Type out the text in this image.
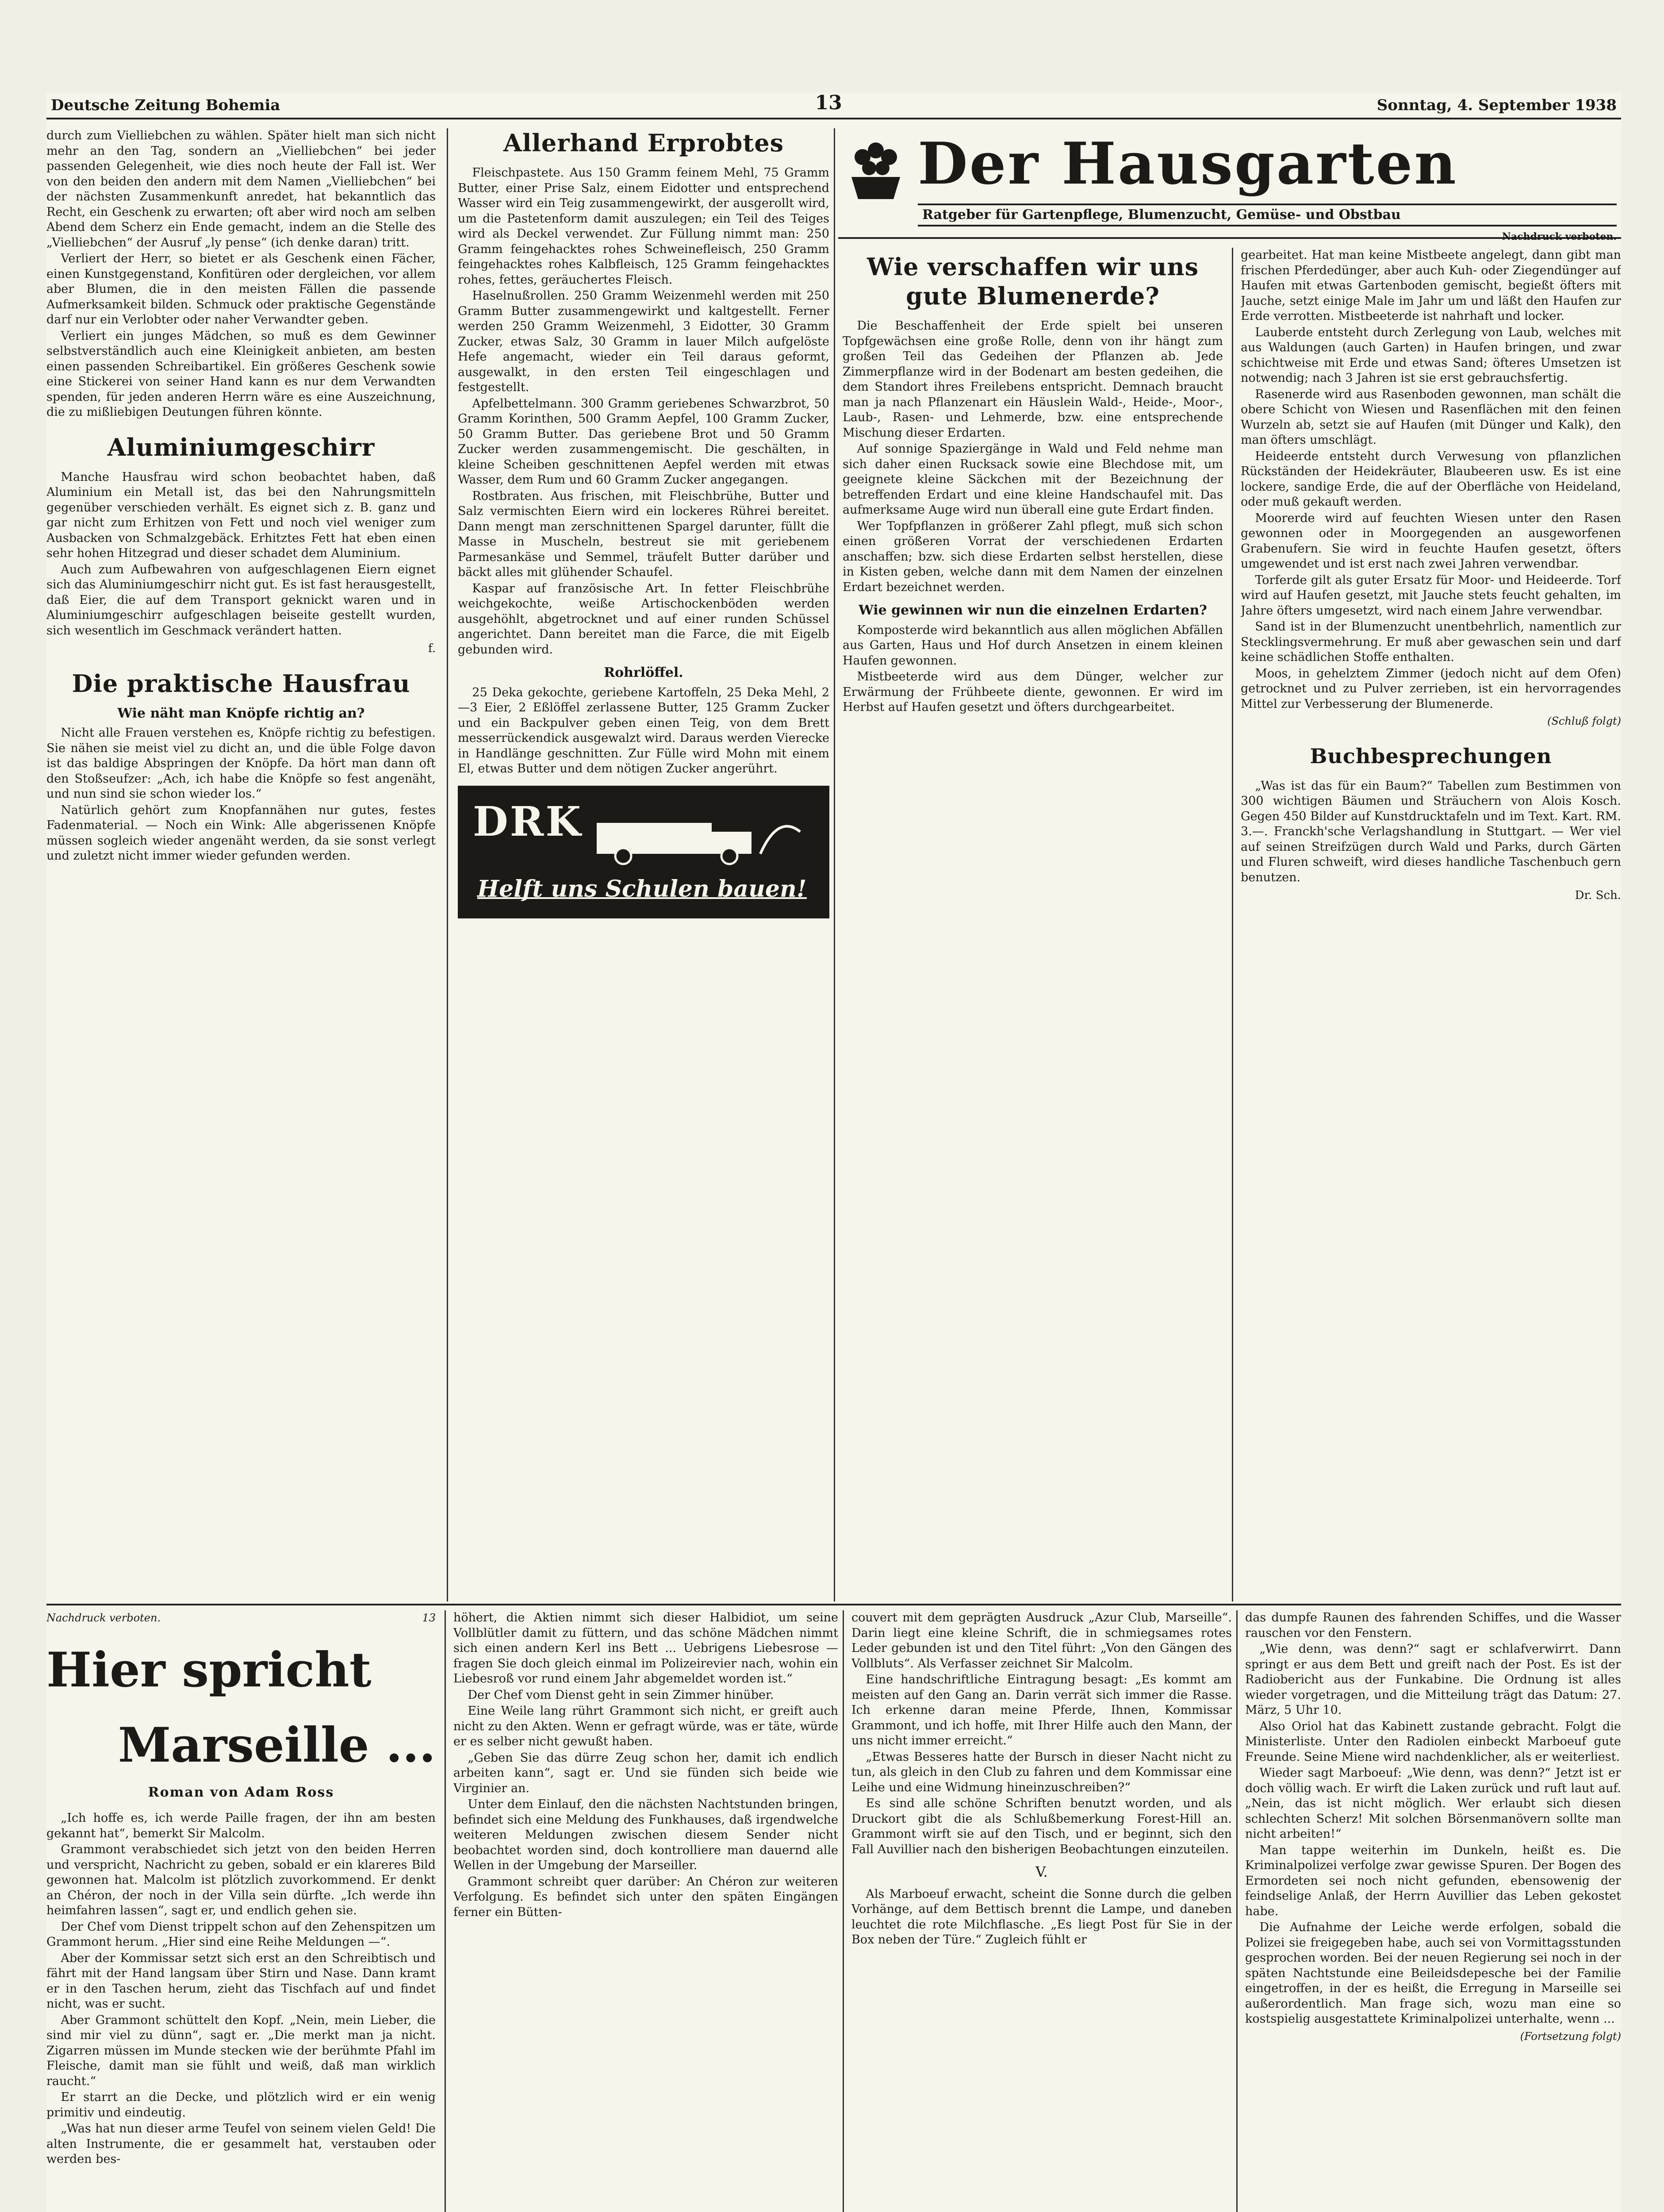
Deutsche Zeitung Bohemia	13	Sonntag, 4. September 1938

durch zum Vielliebchen zu wählen. Später hielt man sich nicht mehr an den Tag, sondern an „Vielliebchen“ bei jeder passenden Gelegenheit, wie dies noch heute der Fall ist. Wer von den beiden den andern mit dem Namen „Vielliebchen“ bei der nächsten Zusammenkunft anredet, hat bekanntlich das Recht, ein Geschenk zu erwarten; oft aber wird noch am selben Abend dem Scherz ein Ende gemacht, indem an die Stelle des „Vielliebchen“ der Ausruf „ly pense“ (ich denke daran) tritt.

Verliert der Herr, so bietet er als Geschenk einen Fächer, einen Kunstgegenstand, Konfitüren oder dergleichen, vor allem aber Blumen, die in den meisten Fällen die passende Aufmerksamkeit bilden. Schmuck oder praktische Gegenstände darf nur ein Verlobter oder naher Verwandter geben.

Verliert ein junges Mädchen, so muß es dem Gewinner selbstverständlich auch eine Kleinigkeit anbieten, am besten einen passenden Schreibartikel. Ein größeres Geschenk sowie eine Stickerei von seiner Hand kann es nur dem Verwandten spenden, für jeden anderen Herrn wäre es eine Auszeichnung, die zu mißliebigen Deutungen führen könnte.

Aluminiumgeschirr

Manche Hausfrau wird schon beobachtet haben, daß Aluminium ein Metall ist, das bei den Nahrungsmitteln gegenüber verschieden verhält. Es eignet sich z. B. ganz und gar nicht zum Erhitzen von Fett und noch viel weniger zum Ausbacken von Schmalzgebäck. Erhitztes Fett hat eben einen sehr hohen Hitzegrad und dieser schadet dem Aluminium.

Auch zum Aufbewahren von aufgeschlagenen Eiern eignet sich das Aluminiumgeschirr nicht gut. Es ist fast herausgestellt, daß Eier, die auf dem Transport geknickt waren und in Aluminiumgeschirr aufgeschlagen beiseite gestellt wurden, sich wesentlich im Geschmack verändert hatten.

f.
Die praktische Hausfrau
Wie näht man Knöpfe richtig an?

Nicht alle Frauen verstehen es, Knöpfe richtig zu befestigen. Sie nähen sie meist viel zu dicht an, und die üble Folge davon ist das baldige Abspringen der Knöpfe. Da hört man dann oft den Stoßseufzer: „Ach, ich habe die Knöpfe so fest angenäht, und nun sind sie schon wieder los.“

Natürlich gehört zum Knopfannähen nur gutes, festes Fadenmaterial. — Noch ein Wink: Alle abgerissenen Knöpfe müssen sogleich wieder angenäht werden, da sie sonst verlegt und zuletzt nicht immer wieder gefunden werden.

Allerhand Erprobtes

Fleischpastete. Aus 150 Gramm feinem Mehl, 75 Gramm Butter, einer Prise Salz, einem Eidotter und entsprechend Wasser wird ein Teig zusammengewirkt, der ausgerollt wird, um die Pastetenform damit auszulegen; ein Teil des Teiges wird als Deckel verwendet. Zur Füllung nimmt man: 250 Gramm feingehacktes rohes Schweinefleisch, 250 Gramm feingehacktes rohes Kalbfleisch, 125 Gramm feingehacktes rohes, fettes, geräuchertes Fleisch.

Haselnußrollen. 250 Gramm Weizenmehl werden mit 250 Gramm Butter zusammengewirkt und kaltgestellt. Ferner werden 250 Gramm Weizenmehl, 3 Eidotter, 30 Gramm Zucker, etwas Salz, 30 Gramm in lauer Milch aufgelöste Hefe angemacht, wieder ein Teil daraus geformt, ausgewalkt, in den ersten Teil eingeschlagen und festgestellt.

Apfelbettelmann. 300 Gramm geriebenes Schwarzbrot, 50 Gramm Korinthen, 500 Gramm Aepfel, 100 Gramm Zucker, 50 Gramm Butter. Das geriebene Brot und 50 Gramm Zucker werden zusammengemischt. Die geschälten, in kleine Scheiben geschnittenen Aepfel werden mit etwas Wasser, dem Rum und 60 Gramm Zucker angegangen.

Rostbraten. Aus frischen, mit Fleischbrühe, Butter und Salz vermischten Eiern wird ein lockeres Rührei bereitet. Dann mengt man zerschnittenen Spargel darunter, füllt die Masse in Muscheln, bestreut sie mit geriebenem Parmesankäse und Semmel, träufelt Butter darüber und bäckt alles mit glühender Schaufel.

Kaspar auf französische Art. In fetter Fleischbrühe weichgekochte, weiße Artischockenböden werden ausgehöhlt, abgetrocknet und auf einer runden Schüssel angerichtet. Dann bereitet man die Farce, die mit Eigelb gebunden wird.

Rohrlöffel.

25 Deka gekochte, geriebene Kartoffeln, 25 Deka Mehl, 2—3 Eier, 2 Eßlöffel zerlassene Butter, 125 Gramm Zucker und ein Backpulver geben einen Teig, von dem Brett messerrückendick ausgewalzt wird. Daraus werden Vierecke in Handlänge geschnitten. Zur Fülle wird Mohn mit einem El, etwas Butter und dem nötigen Zucker angerührt.

DRK
Helft uns Schulen bauen!
Der Hausgarten
Ratgeber für Gartenpflege, Blumenzucht, Gemüse- und Obstbau
Nachdruck verboten.
Wie verschaffen wir uns gute Blumenerde?

Die Beschaffenheit der Erde spielt bei unseren Topfgewächsen eine große Rolle, denn von ihr hängt zum großen Teil das Gedeihen der Pflanzen ab. Jede Zimmerpflanze wird in der Bodenart am besten gedeihen, die dem Standort ihres Freilebens entspricht. Demnach braucht man ja nach Pflanzenart ein Häuslein Wald-, Heide-, Moor-, Laub-, Rasen- und Lehmerde, bzw. eine entsprechende Mischung dieser Erdarten.

Auf sonnige Spaziergänge in Wald und Feld nehme man sich daher einen Rucksack sowie eine Blechdose mit, um geeignete kleine Säckchen mit der Bezeichnung der betreffenden Erdart und eine kleine Handschaufel mit. Das aufmerksame Auge wird nun überall eine gute Erdart finden.

Wer Topfpflanzen in größerer Zahl pflegt, muß sich schon einen größeren Vorrat der verschiedenen Erdarten anschaffen; bzw. sich diese Erdarten selbst herstellen, diese in Kisten geben, welche dann mit dem Namen der einzelnen Erdart bezeichnet werden.

Wie gewinnen wir nun die einzelnen Erdarten?

Komposterde wird bekanntlich aus allen möglichen Abfällen aus Garten, Haus und Hof durch Ansetzen in einem kleinen Haufen gewonnen.

Mistbeeterde wird aus dem Dünger, welcher zur Erwärmung der Frühbeete diente, gewonnen. Er wird im Herbst auf Haufen gesetzt und öfters durchgearbeitet.

gearbeitet. Hat man keine Mistbeete angelegt, dann gibt man frischen Pferdedünger, aber auch Kuh- oder Ziegendünger auf Haufen mit etwas Gartenboden gemischt, begießt öfters mit Jauche, setzt einige Male im Jahr um und läßt den Haufen zur Erde verrotten. Mistbeeterde ist nahrhaft und locker.

Lauberde entsteht durch Zerlegung von Laub, welches mit aus Waldungen (auch Garten) in Haufen bringen, und zwar schichtweise mit Erde und etwas Sand; öfteres Umsetzen ist notwendig; nach 3 Jahren ist sie erst gebrauchsfertig.

Rasenerde wird aus Rasenboden gewonnen, man schält die obere Schicht von Wiesen und Rasenflächen mit den feinen Wurzeln ab, setzt sie auf Haufen (mit Dünger und Kalk), den man öfters umschlägt.

Heideerde entsteht durch Verwesung von pflanzlichen Rückständen der Heidekräuter, Blaubeeren usw. Es ist eine lockere, sandige Erde, die auf der Oberfläche von Heideland, oder muß gekauft werden.

Moorerde wird auf feuchten Wiesen unter den Rasen gewonnen oder in Moorgegenden an ausgeworfenen Grabenufern. Sie wird in feuchte Haufen gesetzt, öfters umgewendet und ist erst nach zwei Jahren verwendbar.

Torferde gilt als guter Ersatz für Moor- und Heideerde. Torf wird auf Haufen gesetzt, mit Jauche stets feucht gehalten, im Jahre öfters umgesetzt, wird nach einem Jahre verwendbar.

Sand ist in der Blumenzucht unentbehrlich, namentlich zur Stecklingsvermehrung. Er muß aber gewaschen sein und darf keine schädlichen Stoffe enthalten.

Moos, in gehelztem Zimmer (jedoch nicht auf dem Ofen) getrocknet und zu Pulver zerrieben, ist ein hervorragendes Mittel zur Verbesserung der Blumenerde.

(Schluß folgt)
Buchbesprechungen

„Was ist das für ein Baum?“ Tabellen zum Bestimmen von 300 wichtigen Bäumen und Sträuchern von Alois Kosch. Gegen 450 Bilder auf Kunstdrucktafeln und im Text. Kart. RM. 3.—. Franckh'sche Verlagshandlung in Stuttgart. — Wer viel auf seinen Streifzügen durch Wald und Parks, durch Gärten und Fluren schweift, wird dieses handliche Taschenbuch gern benutzen.

Dr. Sch.
Nachdruck verboten.	13
Hier spricht
Marseille ...
Roman von Adam Ross

„Ich hoffe es, ich werde Paille fragen, der ihn am besten gekannt hat“, bemerkt Sir Malcolm.

Grammont verabschiedet sich jetzt von den beiden Herren und verspricht, Nachricht zu geben, sobald er ein klareres Bild gewonnen hat. Malcolm ist plötzlich zuvorkommend. Er denkt an Chéron, der noch in der Villa sein dürfte. „Ich werde ihn heimfahren lassen“, sagt er, und endlich gehen sie.

Der Chef vom Dienst trippelt schon auf den Zehenspitzen um Grammont herum. „Hier sind eine Reihe Meldungen —“.

Aber der Kommissar setzt sich erst an den Schreibtisch und fährt mit der Hand langsam über Stirn und Nase. Dann kramt er in den Taschen herum, zieht das Tischfach auf und findet nicht, was er sucht.

Aber Grammont schüttelt den Kopf. „Nein, mein Lieber, die sind mir viel zu dünn“, sagt er. „Die merkt man ja nicht. Zigarren müssen im Munde stecken wie der berühmte Pfahl im Fleische, damit man sie fühlt und weiß, daß man wirklich raucht.“

Er starrt an die Decke, und plötzlich wird er ein wenig primitiv und eindeutig.

„Was hat nun dieser arme Teufel von seinem vielen Geld! Die alten Instrumente, die er gesammelt hat, verstauben oder werden bes-

höhert, die Aktien nimmt sich dieser Halbidiot, um seine Vollblütler damit zu füttern, und das schöne Mädchen nimmt sich einen andern Kerl ins Bett ... Uebrigens Liebesrose — fragen Sie doch gleich einmal im Polizeirevier nach, wohin ein Liebesroß vor rund einem Jahr abgemeldet worden ist.“

Der Chef vom Dienst geht in sein Zimmer hinüber.

Eine Weile lang rührt Grammont sich nicht, er greift auch nicht zu den Akten. Wenn er gefragt würde, was er täte, würde er es selber nicht gewußt haben.

„Geben Sie das dürre Zeug schon her, damit ich endlich arbeiten kann“, sagt er. Und sie fünden sich beide wie Virginier an.

Unter dem Einlauf, den die nächsten Nachtstunden bringen, befindet sich eine Meldung des Funkhauses, daß irgendwelche weiteren Meldungen zwischen diesem Sender nicht beobachtet worden sind, doch kontrolliere man dauernd alle Wellen in der Umgebung der Marseiller.

Grammont schreibt quer darüber: An Chéron zur weiteren Verfolgung. Es befindet sich unter den späten Eingängen ferner ein Bütten-

couvert mit dem geprägten Ausdruck „Azur Club, Marseille“. Darin liegt eine kleine Schrift, die in schmiegsames rotes Leder gebunden ist und den Titel führt: „Von den Gängen des Vollbluts“. Als Verfasser zeichnet Sir Malcolm.

Eine handschriftliche Eintragung besagt: „Es kommt am meisten auf den Gang an. Darin verrät sich immer die Rasse. Ich erkenne daran meine Pferde, Ihnen, Kommissar Grammont, und ich hoffe, mit Ihrer Hilfe auch den Mann, der uns nicht immer erreicht.“

„Etwas Besseres hatte der Bursch in dieser Nacht nicht zu tun, als gleich in den Club zu fahren und dem Kommissar eine Leihe und eine Widmung hineinzuschreiben?“

Es sind alle schöne Schriften benutzt worden, und als Druckort gibt die als Schlußbemerkung Forest-Hill an. Grammont wirft sie auf den Tisch, und er beginnt, sich den Fall Auvillier nach den bisherigen Beobachtungen einzuteilen.

V.

Als Marboeuf erwacht, scheint die Sonne durch die gelben Vorhänge, auf dem Bettisch brennt die Lampe, und daneben leuchtet die rote Milchflasche. „Es liegt Post für Sie in der Box neben der Türe.“ Zugleich fühlt er

das dumpfe Raunen des fahrenden Schiffes, und die Wasser rauschen vor den Fenstern.

„Wie denn, was denn?“ sagt er schlafverwirrt. Dann springt er aus dem Bett und greift nach der Post. Es ist der Radiobericht aus der Funkabine. Die Ordnung ist alles wieder vorgetragen, und die Mitteilung trägt das Datum: 27. März, 5 Uhr 10.

Also Oriol hat das Kabinett zustande gebracht. Folgt die Ministerliste. Unter den Radiolen einbeckt Marboeuf gute Freunde. Seine Miene wird nachdenklicher, als er weiterliest.

Wieder sagt Marboeuf: „Wie denn, was denn?“ Jetzt ist er doch völlig wach. Er wirft die Laken zurück und ruft laut auf. „Nein, das ist nicht möglich. Wer erlaubt sich diesen schlechten Scherz! Mit solchen Börsenmanövern sollte man nicht arbeiten!“

Man tappe weiterhin im Dunkeln, heißt es. Die Kriminalpolizei verfolge zwar gewisse Spuren. Der Bogen des Ermordeten sei noch nicht gefunden, ebensowenig der feindselige Anlaß, der Herrn Auvillier das Leben gekostet habe.

Die Aufnahme der Leiche werde erfolgen, sobald die Polizei sie freigegeben habe, auch sei von Vormittagsstunden gesprochen worden. Bei der neuen Regierung sei noch in der späten Nachtstunde eine Beileidsdepesche bei der Familie eingetroffen, in der es heißt, die Erregung in Marseille sei außerordentlich. Man frage sich, wozu man eine so kostspielig ausgestattete Kriminalpolizei unterhalte, wenn ...

(Fortsetzung folgt)
